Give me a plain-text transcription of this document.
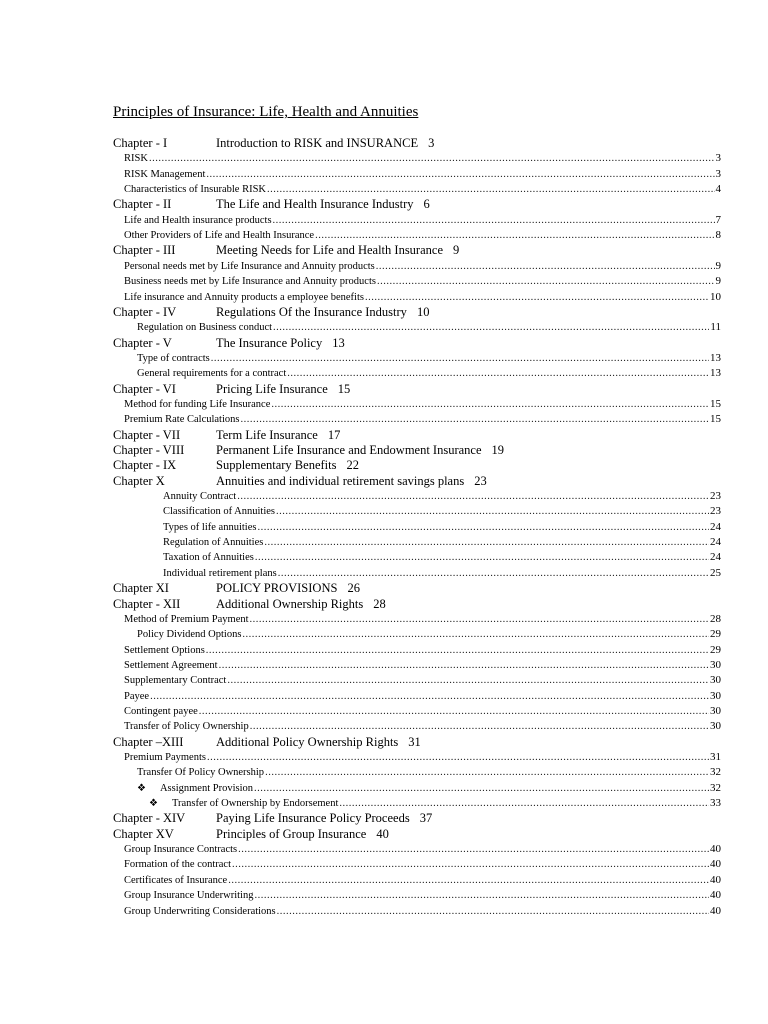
Principles of Insurance: Life, Health and Annuities
Chapter - I	Introduction to RISK and INSURANCE 3
RISK .....	3
RISK Management .....	3
Characteristics of Insurable RISK .....	4
Chapter - II	The Life and Health Insurance Industry 6
Life and Health insurance products .....	7
Other Providers of Life and Health Insurance .....	8
Chapter - III	Meeting Needs for Life and Health Insurance 9
Personal needs met by Life Insurance and Annuity products .....	9
Business needs met by Life Insurance and Annuity products .....	9
Life insurance and Annuity products a employee benefits .....	10
Chapter - IV	Regulations Of the Insurance Industry 10
Regulation on Business conduct .....	11
Chapter - V	The Insurance Policy 13
Type of contracts .....	13
General requirements for a contract .....	13
Chapter - VI	Pricing Life Insurance 15
Method for funding Life Insurance .....	15
Premium Rate Calculations .....	15
Chapter - VII	Term Life Insurance 17
Chapter - VIII	Permanent Life Insurance and Endowment Insurance 19
Chapter - IX	Supplementary Benefits 22
Chapter X	Annuities and individual retirement savings plans 23
Annuity Contract .....	23
Classification of Annuities .....	23
Types of life annuities .....	24
Regulation of Annuities .....	24
Taxation of Annuities .....	24
Individual retirement plans .....	25
Chapter XI	POLICY PROVISIONS 26
Chapter - XII	Additional Ownership Rights 28
Method of Premium Payment .....	28
Policy Dividend Options .....	29
Settlement Options .....	29
Settlement Agreement .....	30
Supplementary Contract .....	30
Payee .....	30
Contingent payee .....	30
Transfer of Policy Ownership .....	30
Chapter –XIII	Additional Policy Ownership Rights 31
Premium Payments .....	31
Transfer Of Policy Ownership .....	32
❖ Assignment Provision .....	32
❖ Transfer of Ownership by Endorsement .....	33
Chapter - XIV Paying Life Insurance Policy Proceeds 37
Chapter XV	Principles of Group Insurance 40
Group Insurance Contracts .....	40
Formation of the contract .....	40
Certificates of Insurance .....	40
Group Insurance Underwriting .....	40
Group Underwriting Considerations .....	40
